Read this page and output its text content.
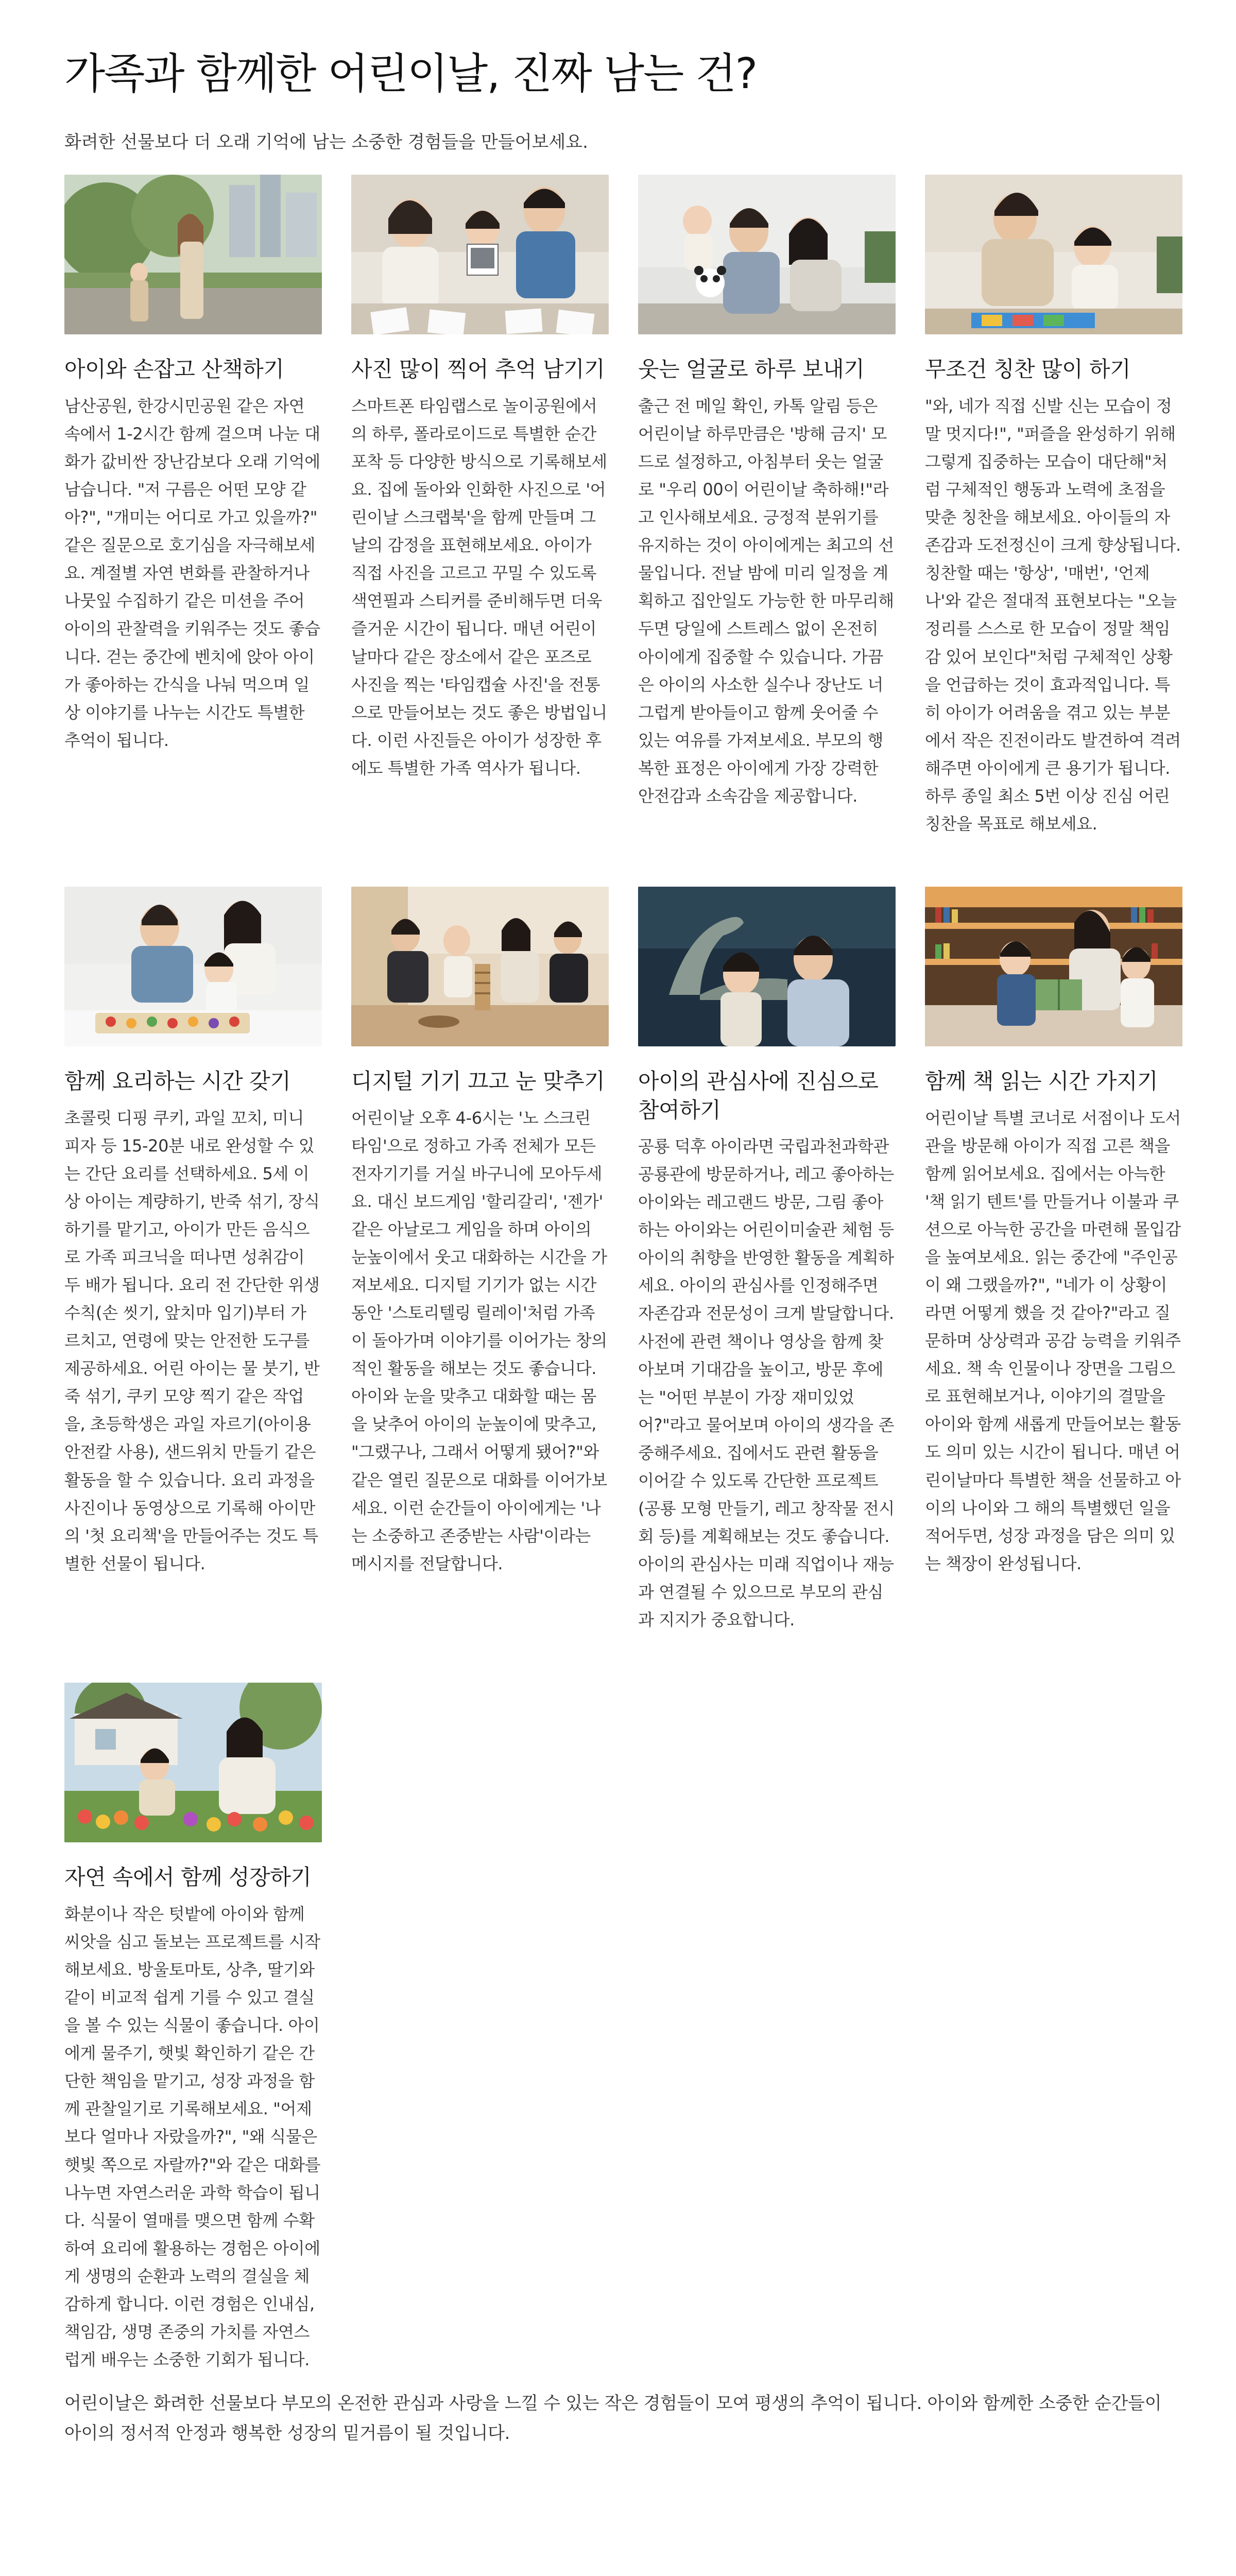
가족과 함께한 어린이날, 진짜 남는 건?

화려한 선물보다 더 오래 기억에 남는 소중한 경험들을 만들어보세요.

아이와 손잡고 산책하기

남산공원, 한강시민공원 같은 자연 속에서 1-2시간 함께 걸으며 나눈 대화가 값비싼 장난감보다 오래 기억에 남습니다. "저 구름은 어떤 모양 같아?", "개미는 어디로 가고 있을까?" 같은 질문으로 호기심을 자극해보세요. 계절별 자연 변화를 관찰하거나 나뭇잎 수집하기 같은 미션을 주어 아이의 관찰력을 키워주는 것도 좋습니다. 걷는 중간에 벤치에 앉아 아이가 좋아하는 간식을 나눠 먹으며 일상 이야기를 나누는 시간도 특별한 추억이 됩니다.

사진 많이 찍어 추억 남기기

스마트폰 타임랩스로 놀이공원에서의 하루, 폴라로이드로 특별한 순간 포착 등 다양한 방식으로 기록해보세요. 집에 돌아와 인화한 사진으로 '어린이날 스크랩북'을 함께 만들며 그날의 감정을 표현해보세요. 아이가 직접 사진을 고르고 꾸밀 수 있도록 색연필과 스티커를 준비해두면 더욱 즐거운 시간이 됩니다. 매년 어린이날마다 같은 장소에서 같은 포즈로 사진을 찍는 '타임캡슐 사진'을 전통으로 만들어보는 것도 좋은 방법입니다. 이런 사진들은 아이가 성장한 후에도 특별한 가족 역사가 됩니다.

웃는 얼굴로 하루 보내기

출근 전 메일 확인, 카톡 알림 등은 어린이날 하루만큼은 '방해 금지' 모드로 설정하고, 아침부터 웃는 얼굴로 "우리 00이 어린이날 축하해!"라고 인사해보세요. 긍정적 분위기를 유지하는 것이 아이에게는 최고의 선물입니다. 전날 밤에 미리 일정을 계획하고 집안일도 가능한 한 마무리해두면 당일에 스트레스 없이 온전히 아이에게 집중할 수 있습니다. 가끔은 아이의 사소한 실수나 장난도 너그럽게 받아들이고 함께 웃어줄 수 있는 여유를 가져보세요. 부모의 행복한 표정은 아이에게 가장 강력한 안전감과 소속감을 제공합니다.

무조건 칭찬 많이 하기

"와, 네가 직접 신발 신는 모습이 정말 멋지다!", "퍼즐을 완성하기 위해 그렇게 집중하는 모습이 대단해"처럼 구체적인 행동과 노력에 초점을 맞춘 칭찬을 해보세요. 아이들의 자존감과 도전정신이 크게 향상됩니다. 칭찬할 때는 '항상', '매번', '언제나'와 같은 절대적 표현보다는 "오늘 정리를 스스로 한 모습이 정말 책임감 있어 보인다"처럼 구체적인 상황을 언급하는 것이 효과적입니다. 특히 아이가 어려움을 겪고 있는 부분에서 작은 진전이라도 발견하여 격려해주면 아이에게 큰 용기가 됩니다. 하루 종일 최소 5번 이상 진심 어린 칭찬을 목표로 해보세요.

함께 요리하는 시간 갖기

초콜릿 디핑 쿠키, 과일 꼬치, 미니 피자 등 15-20분 내로 완성할 수 있는 간단 요리를 선택하세요. 5세 이상 아이는 계량하기, 반죽 섞기, 장식하기를 맡기고, 아이가 만든 음식으로 가족 피크닉을 떠나면 성취감이 두 배가 됩니다. 요리 전 간단한 위생 수칙(손 씻기, 앞치마 입기)부터 가르치고, 연령에 맞는 안전한 도구를 제공하세요. 어린 아이는 물 붓기, 반죽 섞기, 쿠키 모양 찍기 같은 작업을, 초등학생은 과일 자르기(아이용 안전칼 사용), 샌드위치 만들기 같은 활동을 할 수 있습니다. 요리 과정을 사진이나 동영상으로 기록해 아이만의 '첫 요리책'을 만들어주는 것도 특별한 선물이 됩니다.

디지털 기기 끄고 눈 맞추기

어린이날 오후 4-6시는 '노 스크린 타임'으로 정하고 가족 전체가 모든 전자기기를 거실 바구니에 모아두세요. 대신 보드게임 '할리갈리', '젠가' 같은 아날로그 게임을 하며 아이의 눈높이에서 웃고 대화하는 시간을 가져보세요. 디지털 기기가 없는 시간 동안 '스토리텔링 릴레이'처럼 가족이 돌아가며 이야기를 이어가는 창의적인 활동을 해보는 것도 좋습니다. 아이와 눈을 맞추고 대화할 때는 몸을 낮추어 아이의 눈높이에 맞추고, "그랬구나, 그래서 어떻게 됐어?"와 같은 열린 질문으로 대화를 이어가보세요. 이런 순간들이 아이에게는 '나는 소중하고 존중받는 사람'이라는 메시지를 전달합니다.

아이의 관심사에 진심으로 참여하기

공룡 덕후 아이라면 국립과천과학관 공룡관에 방문하거나, 레고 좋아하는 아이와는 레고랜드 방문, 그림 좋아하는 아이와는 어린이미술관 체험 등 아이의 취향을 반영한 활동을 계획하세요. 아이의 관심사를 인정해주면 자존감과 전문성이 크게 발달합니다. 사전에 관련 책이나 영상을 함께 찾아보며 기대감을 높이고, 방문 후에는 "어떤 부분이 가장 재미있었어?"라고 물어보며 아이의 생각을 존중해주세요. 집에서도 관련 활동을 이어갈 수 있도록 간단한 프로젝트(공룡 모형 만들기, 레고 창작물 전시회 등)를 계획해보는 것도 좋습니다. 아이의 관심사는 미래 직업이나 재능과 연결될 수 있으므로 부모의 관심과 지지가 중요합니다.

함께 책 읽는 시간 가지기

어린이날 특별 코너로 서점이나 도서관을 방문해 아이가 직접 고른 책을 함께 읽어보세요. 집에서는 아늑한 '책 읽기 텐트'를 만들거나 이불과 쿠션으로 아늑한 공간을 마련해 몰입감을 높여보세요. 읽는 중간에 "주인공이 왜 그랬을까?", "네가 이 상황이라면 어떻게 했을 것 같아?"라고 질문하며 상상력과 공감 능력을 키워주세요. 책 속 인물이나 장면을 그림으로 표현해보거나, 이야기의 결말을 아이와 함께 새롭게 만들어보는 활동도 의미 있는 시간이 됩니다. 매년 어린이날마다 특별한 책을 선물하고 아이의 나이와 그 해의 특별했던 일을 적어두면, 성장 과정을 담은 의미 있는 책장이 완성됩니다.

자연 속에서 함께 성장하기

화분이나 작은 텃밭에 아이와 함께 씨앗을 심고 돌보는 프로젝트를 시작해보세요. 방울토마토, 상추, 딸기와 같이 비교적 쉽게 기를 수 있고 결실을 볼 수 있는 식물이 좋습니다. 아이에게 물주기, 햇빛 확인하기 같은 간단한 책임을 맡기고, 성장 과정을 함께 관찰일기로 기록해보세요. "어제보다 얼마나 자랐을까?", "왜 식물은 햇빛 쪽으로 자랄까?"와 같은 대화를 나누면 자연스러운 과학 학습이 됩니다. 식물이 열매를 맺으면 함께 수확하여 요리에 활용하는 경험은 아이에게 생명의 순환과 노력의 결실을 체감하게 합니다. 이런 경험은 인내심, 책임감, 생명 존중의 가치를 자연스럽게 배우는 소중한 기회가 됩니다.

어린이날은 화려한 선물보다 부모의 온전한 관심과 사랑을 느낄 수 있는 작은 경험들이 모여 평생의 추억이 됩니다. 아이와 함께한 소중한 순간들이 아이의 정서적 안정과 행복한 성장의 밑거름이 될 것입니다.
